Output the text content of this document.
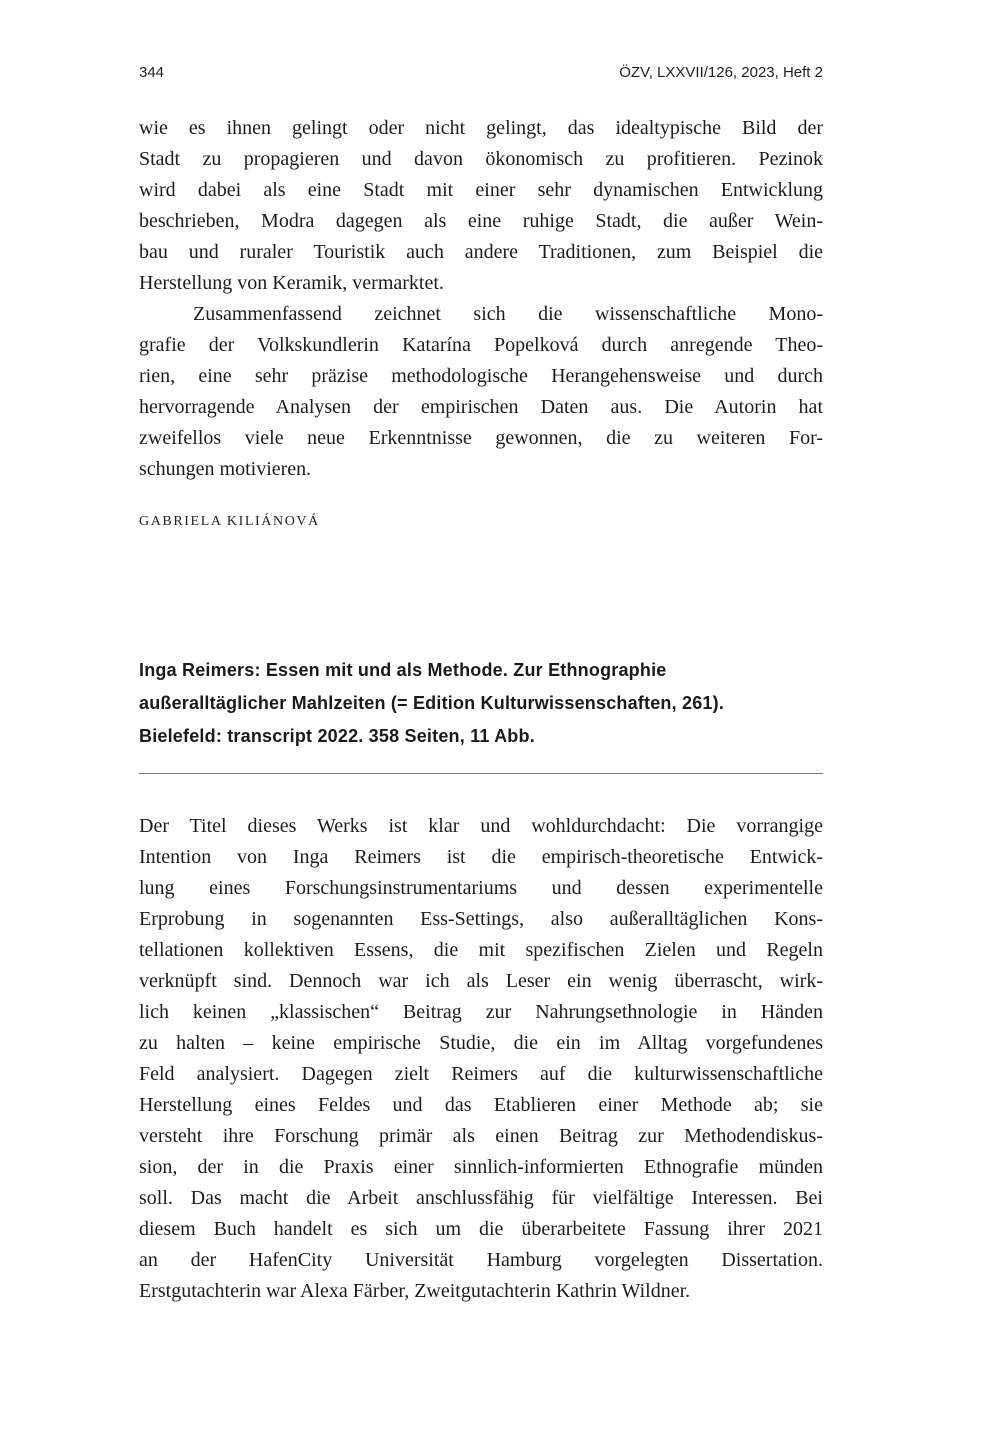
344	ÖZV, LXXVII/126, 2023, Heft 2
wie es ihnen gelingt oder nicht gelingt, das idealtypische Bild der
Stadt zu propagieren und davon ökonomisch zu profitieren. Pezinok
wird dabei als eine Stadt mit einer sehr dynamischen Entwicklung
beschrieben, Modra dagegen als eine ruhige Stadt, die außer Wein-
bau und ruraler Touristik auch andere Traditionen, zum Beispiel die
Herstellung von Keramik, vermarktet.
Zusammenfassend zeichnet sich die wissenschaftliche Mono-
grafie der Volkskundlerin Katarína Popelková durch anregende Theo-
rien, eine sehr präzise methodologische Herangehensweise und durch
hervorragende Analysen der empirischen Daten aus. Die Autorin hat
zweifellos viele neue Erkenntnisse gewonnen, die zu weiteren For-
schungen motivieren.
GABRIELA KILIÁNOVÁ
Inga Reimers: Essen mit und als Methode. Zur Ethnographie
außeralltäglicher Mahlzeiten (= Edition Kulturwissenschaften, 261).
Bielefeld: transcript 2022. 358 Seiten, 11 Abb.
Der Titel dieses Werks ist klar und wohldurchdacht: Die vorrangige
Intention von Inga Reimers ist die empirisch-theoretische Entwick-
lung eines Forschungsinstrumentariums und dessen experimentelle
Erprobung in sogenannten Ess-Settings, also außeralltäglichen Kons-
tellationen kollektiven Essens, die mit spezifischen Zielen und Regeln
verknüpft sind. Dennoch war ich als Leser ein wenig überrascht, wirk-
lich keinen „klassischen“ Beitrag zur Nahrungsethnologie in Händen
zu halten – keine empirische Studie, die ein im Alltag vorgefundenes
Feld analysiert. Dagegen zielt Reimers auf die kulturwissenschaftliche
Herstellung eines Feldes und das Etablieren einer Methode ab; sie
versteht ihre Forschung primär als einen Beitrag zur Methodendiskus-
sion, der in die Praxis einer sinnlich-informierten Ethnografie münden
soll. Das macht die Arbeit anschlussfähig für vielfältige Interessen. Bei
diesem Buch handelt es sich um die überarbeitete Fassung ihrer 2021
an der HafenCity Universität Hamburg vorgelegten Dissertation.
Erstgutachterin war Alexa Färber, Zweitgutachterin Kathrin Wildner.
